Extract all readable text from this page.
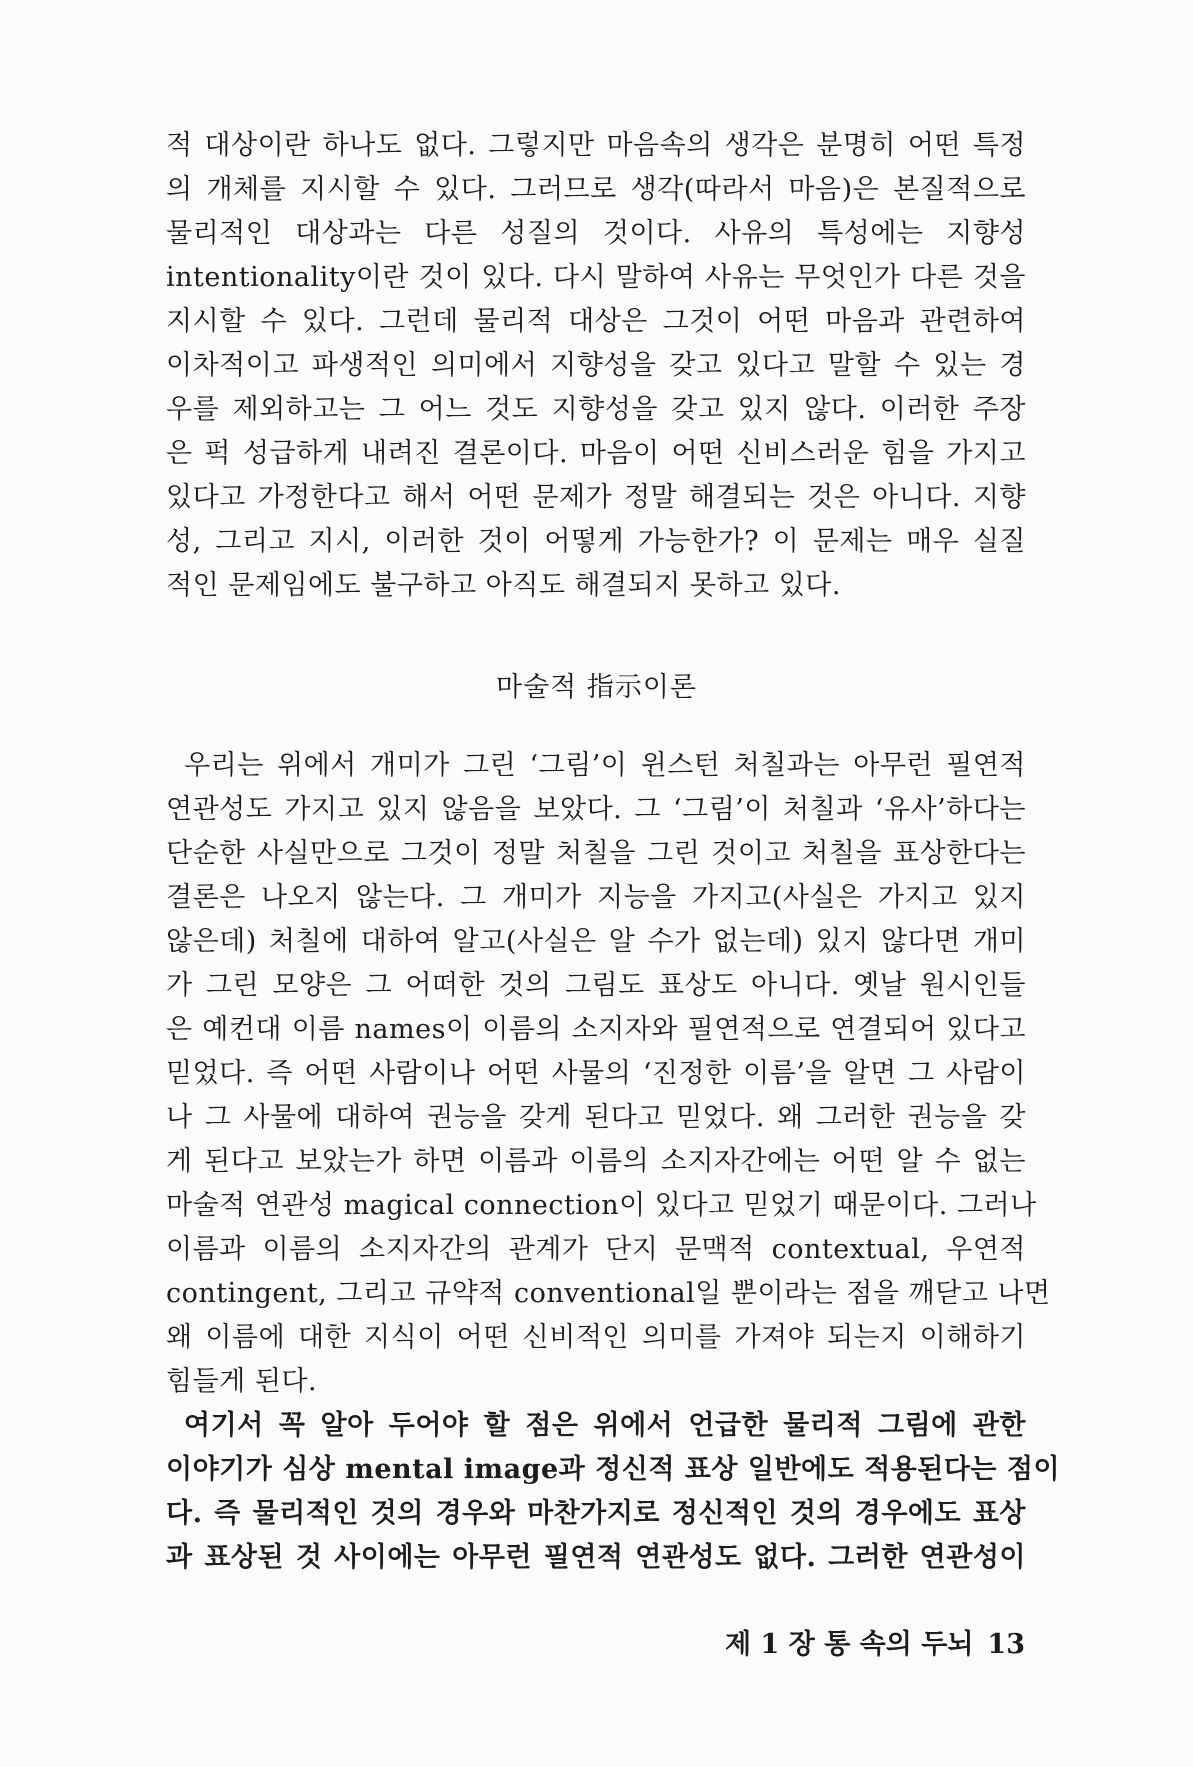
적 대상이란 하나도 없다. 그렇지만 마음속의 생각은 분명히 어떤 특정
의 개체를 지시할 수 있다. 그러므로 생각(따라서 마음)은 본질적으로
물리적인 대상과는 다른 성질의 것이다. 사유의 특성에는 지향성
intentionality이란 것이 있다. 다시 말하여 사유는 무엇인가 다른 것을
지시할 수 있다. 그런데 물리적 대상은 그것이 어떤 마음과 관련하여
이차적이고 파생적인 의미에서 지향성을 갖고 있다고 말할 수 있는 경
우를 제외하고는 그 어느 것도 지향성을 갖고 있지 않다. 이러한 주장
은 퍽 성급하게 내려진 결론이다. 마음이 어떤 신비스러운 힘을 가지고
있다고 가정한다고 해서 어떤 문제가 정말 해결되는 것은 아니다. 지향
성, 그리고 지시, 이러한 것이 어떻게 가능한가? 이 문제는 매우 실질
적인 문제임에도 불구하고 아직도 해결되지 못하고 있다.
마술적 指示이론
우리는 위에서 개미가 그린 ‘그림’이 윈스턴 처칠과는 아무런 필연적
연관성도 가지고 있지 않음을 보았다. 그 ‘그림’이 처칠과 ‘유사’하다는
단순한 사실만으로 그것이 정말 처칠을 그린 것이고 처칠을 표상한다는
결론은 나오지 않는다. 그 개미가 지능을 가지고(사실은 가지고 있지
않은데) 처칠에 대하여 알고(사실은 알 수가 없는데) 있지 않다면 개미
가 그린 모양은 그 어떠한 것의 그림도 표상도 아니다. 옛날 원시인들
은 예컨대 이름 names이 이름의 소지자와 필연적으로 연결되어 있다고
믿었다. 즉 어떤 사람이나 어떤 사물의 ‘진정한 이름’을 알면 그 사람이
나 그 사물에 대하여 권능을 갖게 된다고 믿었다. 왜 그러한 권능을 갖
게 된다고 보았는가 하면 이름과 이름의 소지자간에는 어떤 알 수 없는
마술적 연관성 magical connection이 있다고 믿었기 때문이다. 그러나
이름과 이름의 소지자간의 관계가 단지 문맥적 contextual, 우연적
contingent, 그리고 규약적 conventional일 뿐이라는 점을 깨닫고 나면
왜 이름에 대한 지식이 어떤 신비적인 의미를 가져야 되는지 이해하기
힘들게 된다.
여기서 꼭 알아 두어야 할 점은 위에서 언급한 물리적 그림에 관한
이야기가 심상 mental image과 정신적 표상 일반에도 적용된다는 점이
다. 즉 물리적인 것의 경우와 마찬가지로 정신적인 것의 경우에도 표상
과 표상된 것 사이에는 아무런 필연적 연관성도 없다. 그러한 연관성이
제 1 장 통 속의 두뇌 13
